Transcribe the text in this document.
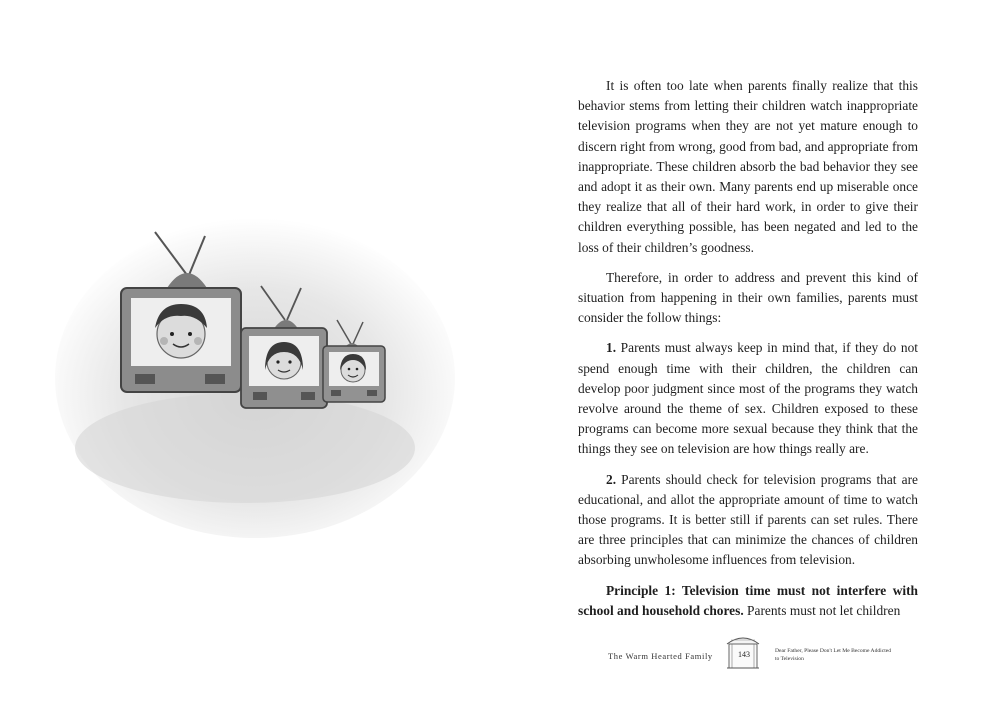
It is often too late when parents finally realize that this behavior stems from letting their children watch inappropriate television programs when they are not yet mature enough to discern right from wrong, good from bad, and appropriate from inappropriate. These children absorb the bad behavior they see and adopt it as their own. Many parents end up miserable once they realize that all of their hard work, in order to give their children everything possible, has been negated and led to the loss of their children’s goodness.

Therefore, in order to address and prevent this kind of situation from happening in their own families, parents must consider the follow things:

1. Parents must always keep in mind that, if they do not spend enough time with their children, the children can develop poor judgment since most of the programs they watch revolve around the theme of sex. Children exposed to these programs can become more sexual because they think that the things they see on television are how things really are.

2. Parents should check for television programs that are educational, and allot the appropriate amount of time to watch those programs. It is better still if parents can set rules. There are three principles that can minimize the chances of children absorbing unwholesome influences from television.

Principle 1: Television time must not interfere with school and household chores. Parents must not let children

The Warm Hearted Family	143	Dear Father, Please Don't Let Me Become Addicted to Television
